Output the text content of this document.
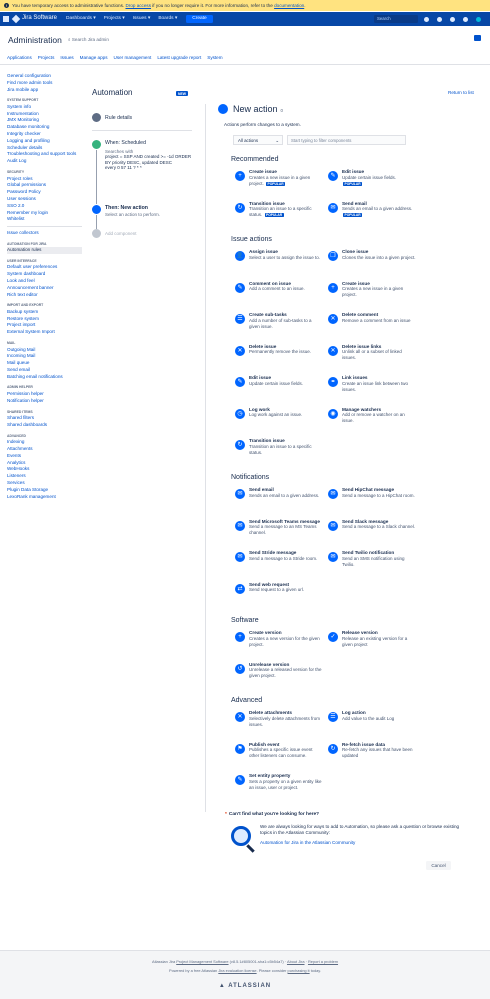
!	You have temporary access to administrative functions.
Drop access
if you no longer require it. For more information, refer to the
documentation .
Jira Software Dashboards ▾ Projects ▾ Issues ▾ Boards ▾	Create	Search
Administration ⌕ Search Jira admin
Applications Projects Issues Manage apps User management Latest upgrade report System
General configuration
Find more admin tools
Jira mobile app
SYSTEM SUPPORT
System info
Instrumentation
JMX Monitoring
Database monitoring
Integrity checker
Logging and profiling
Scheduler details
Troubleshooting and support tools
Audit Log
SECURITY
Project roles
Global permissions
Password Policy
User sessions
SSO 2.0
Remember my login
Whitelist
Issue collectors
AUTOMATION FOR JIRA
Automation rules
USER INTERFACE
Default user preferences
System dashboard
Look and feel
Announcement banner
Rich text editor
IMPORT AND EXPORT
Backup system
Restore system
Project import
External System Import
MAIL
Outgoing Mail
Incoming Mail
Mail queue
Send email
Batching email notifications
ADMIN HELPER
Permission helper
Notification helper
SHARED ITEMS
Shared filters
Shared dashboards
ADVANCED
Indexing
Attachments
Events
Analytics
WebHooks
Listeners
Services
Plugin Data Storage
LexoRank management
Automation	NEW	Return to list
Rule details
When: Scheduled
Searches with
project = SSP AND created >= -1d ORDER BY priority DESC, updated DESC
every 0 57 11 ? * *
Then: New action
Select an action to perform.
Add component
New action 0
Actions perform changes to a system.
All actions	⌄	Start typing to filter components
Recommended
+
Create issue
Creates a new issue in a given project. POPULAR
✎
Edit issue
Update certain issue fields. POPULAR
↻
Transition issue
Transition an issue to a specific status. POPULAR
✉
Send email
Sends an email to a given address. POPULAR
Issue actions
👤
Assign issue
Select a user to assign the issue to.	❐
Clone issue
Clones the issue into a given project.
✎
Comment on issue
Add a comment to an issue.	+
Create issue
Creates a new issue in a given project.
☰
Create sub-tasks
Add a number of sub-tasks to a given issue.
✕
Delete comment
Remove a comment from an issue
✕
Delete issue
Permanently remove the issue.	✕
Delete issue links
Unlink all or a subset of linked issues.
✎
Edit issue
Update certain issue fields.	⚭
Link issues
Create an issue link between two issues.
◷
Log work
Log work against an issue.	◉
Manage watchers
Add or remove a watcher on an issue.
↻
Transition issue
Transition an issue to a specific status.
Notifications
✉
Send email
Sends an email to a given address.	✉
Send HipChat message
Send a message to a HipChat room.
✉
Send Microsoft Teams message
Send a message to an MS Teams channel.
✉
Send Slack message
Send a message to a Slack channel.
✉
Send Stride message
Send a message to a Stride room.	✉
Send Twilio notification
Send an SMS notification using Twilio.
⇄
Send web request
Send request to a given url.
Software
+
Create version
Creates a new version for the given project.
✓
Release version
Release an existing version for a given project
↺
Unrelease version
Unrelease a released version for the given project.
Advanced
✕
Delete attachments
Selectively delete attachments from issues.
☰
Log action
Add value to the audit Log
⚑
Publish event
Publishes a specific issue event other listeners can consume.
↻
Re-fetch issue data
Re-fetch any issues that have been updated
✎
Set entity property
Sets a property on a given entity like an issue, user or project.
* Can't find what you're looking for here?
We are always looking for ways to add to Automation, so please ask a question or browse existing topics in the Atlassian Community:
Automation for Jira in the Atlassian Community
Cancel
Atlassian Jira Project Management Software (v8.5.1#805001-sha1:c5b54a7) · About Jira · Report a problem
Powered by a free Atlassian Jira evaluation license. Please consider purchasing it today.
▲ ATLASSIAN
